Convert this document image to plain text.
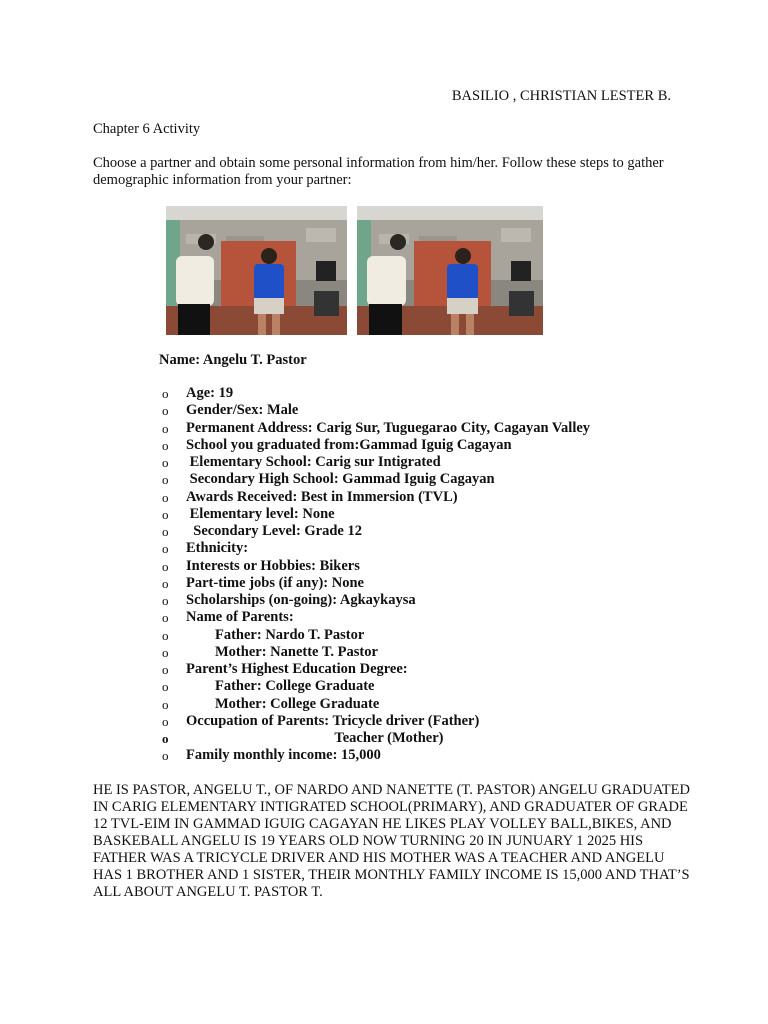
BASILIO , CHRISTIAN LESTER B.
Chapter 6 Activity
Choose a partner and obtain some personal information from him/her. Follow these steps to gather demographic information from your partner:
Name: Angelu T. Pastor
o Age: 19
o Gender/Sex: Male
o Permanent Address: Carig Sur, Tuguegarao City, Cagayan Valley
o School you graduated from:Gammad Iguig Cagayan
o Elementary School: Carig sur Intigrated
o Secondary High School: Gammad Iguig Cagayan
o Awards Received: Best in Immersion (TVL)
o Elementary level: None
o Secondary Level: Grade 12
o Ethnicity:
o Interests or Hobbies: Bikers
o Part-time jobs (if any): None
o Scholarships (on-going): Agkaykaysa
o Name of Parents:
o Father: Nardo T. Pastor
o Mother: Nanette T. Pastor
o Parent’s Highest Education Degree:
o Father: College Graduate
o Mother: College Graduate
o Occupation of Parents: Tricycle driver (Father)
o Teacher (Mother)
o Family monthly income: 15,000
HE IS PASTOR, ANGELU T., OF NARDO AND NANETTE (T. PASTOR) ANGELU GRADUATED IN CARIG ELEMENTARY INTIGRATED SCHOOL(PRIMARY), AND GRADUATER OF GRADE 12 TVL-EIM IN GAMMAD IGUIG CAGAYAN HE LIKES PLAY VOLLEY BALL,BIKES, AND BASKEBALL ANGELU IS 19 YEARS OLD NOW TURNING 20 IN JUNUARY 1 2025 HIS FATHER WAS A TRICYCLE DRIVER AND HIS MOTHER WAS A TEACHER AND ANGELU HAS 1 BROTHER AND 1 SISTER, THEIR MONTHLY FAMILY INCOME IS 15,000 AND THAT’S ALL ABOUT ANGELU T. PASTOR T.
